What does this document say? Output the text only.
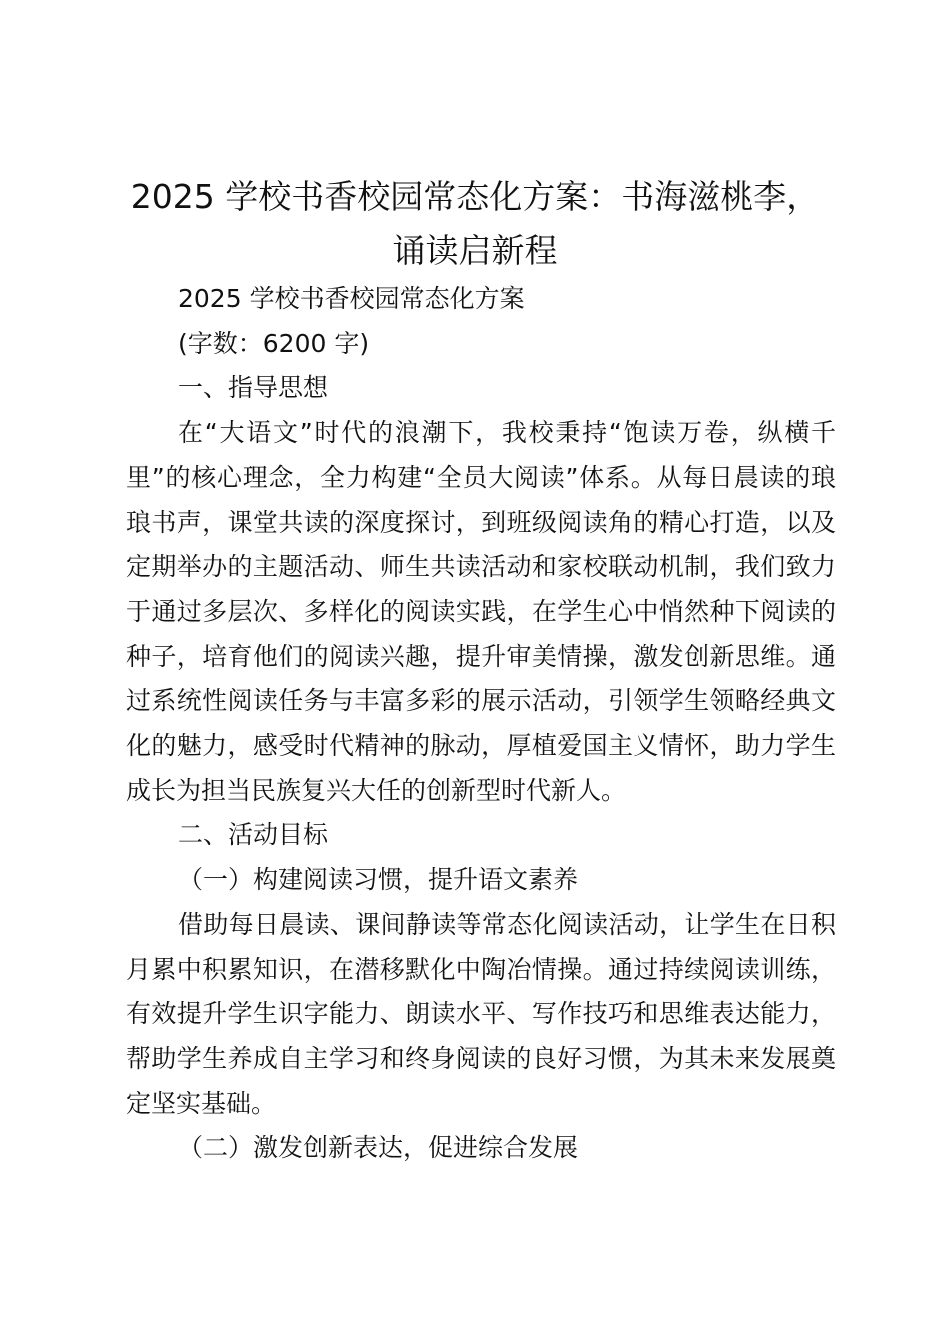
2025 学校书香校园常态化方案：书海滋桃李，诵读启新程

2025 学校书香校园常态化方案

(字数：6200 字)

一、指导思想

在“大语文”时代的浪潮下，我校秉持“饱读万卷，纵横千里”的核心理念，全力构建“全员大阅读”体系。从每日晨读的琅琅书声，课堂共读的深度探讨，到班级阅读角的精心打造，以及定期举办的主题活动、师生共读活动和家校联动机制，我们致力于通过多层次、多样化的阅读实践，在学生心中悄然种下阅读的种子，培育他们的阅读兴趣，提升审美情操，激发创新思维。通过系统性阅读任务与丰富多彩的展示活动，引领学生领略经典文化的魅力，感受时代精神的脉动，厚植爱国主义情怀，助力学生成长为担当民族复兴大任的创新型时代新人。

二、活动目标

（一）构建阅读习惯，提升语文素养

借助每日晨读、课间静读等常态化阅读活动，让学生在日积月累中积累知识，在潜移默化中陶冶情操。通过持续阅读训练，有效提升学生识字能力、朗读水平、写作技巧和思维表达能力，帮助学生养成自主学习和终身阅读的良好习惯，为其未来发展奠定坚实基础。

（二）激发创新表达，促进综合发展
